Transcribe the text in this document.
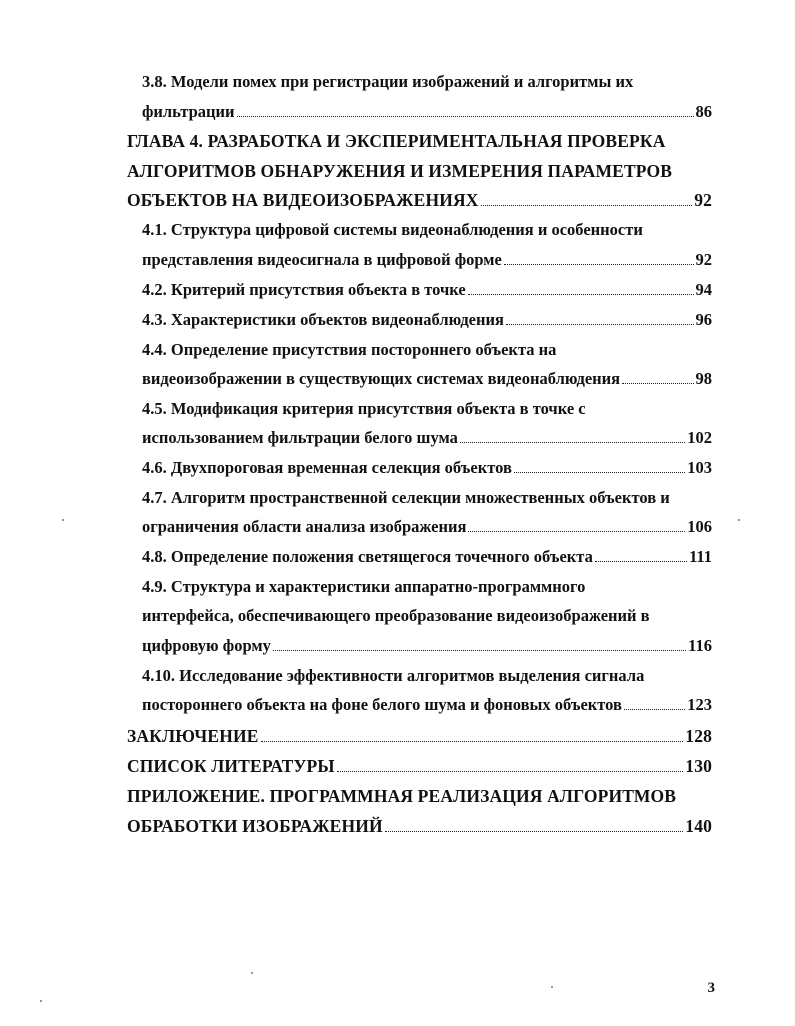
3.8. Модели помех при регистрации изображений и алгоритмы их
фильтрации	86
ГЛАВА 4. РАЗРАБОТКА И ЭКСПЕРИМЕНТАЛЬНАЯ ПРОВЕРКА
АЛГОРИТМОВ ОБНАРУЖЕНИЯ И ИЗМЕРЕНИЯ ПАРАМЕТРОВ
ОБЪЕКТОВ НА ВИДЕОИЗОБРАЖЕНИЯХ	92
4.1. Структура цифровой системы видеонаблюдения и особенности
представления видеосигнала в цифровой форме	92
4.2. Критерий присутствия объекта в точке	94
4.3. Характеристики объектов видеонаблюдения	96
4.4. Определение присутствия постороннего объекта на
видеоизображении в существующих системах видеонаблюдения	98
4.5. Модификация критерия присутствия объекта в точке с
использованием фильтрации белого шума	102
4.6. Двухпороговая временная селекция объектов	103
4.7. Алгоритм пространственной селекции множественных объектов и
ограничения области анализа изображения	106
4.8. Определение положения светящегося точечного объекта	111
4.9. Структура и характеристики аппаратно-программного
интерфейса, обеспечивающего преобразование видеоизображений в
цифровую форму	116
4.10. Исследование эффективности алгоритмов выделения сигнала
постороннего объекта на фоне белого шума и фоновых объектов	123
ЗАКЛЮЧЕНИЕ	128
СПИСОК ЛИТЕРАТУРЫ	130
ПРИЛОЖЕНИЕ. ПРОГРАММНАЯ РЕАЛИЗАЦИЯ АЛГОРИТМОВ
ОБРАБОТКИ ИЗОБРАЖЕНИЙ	140
3
